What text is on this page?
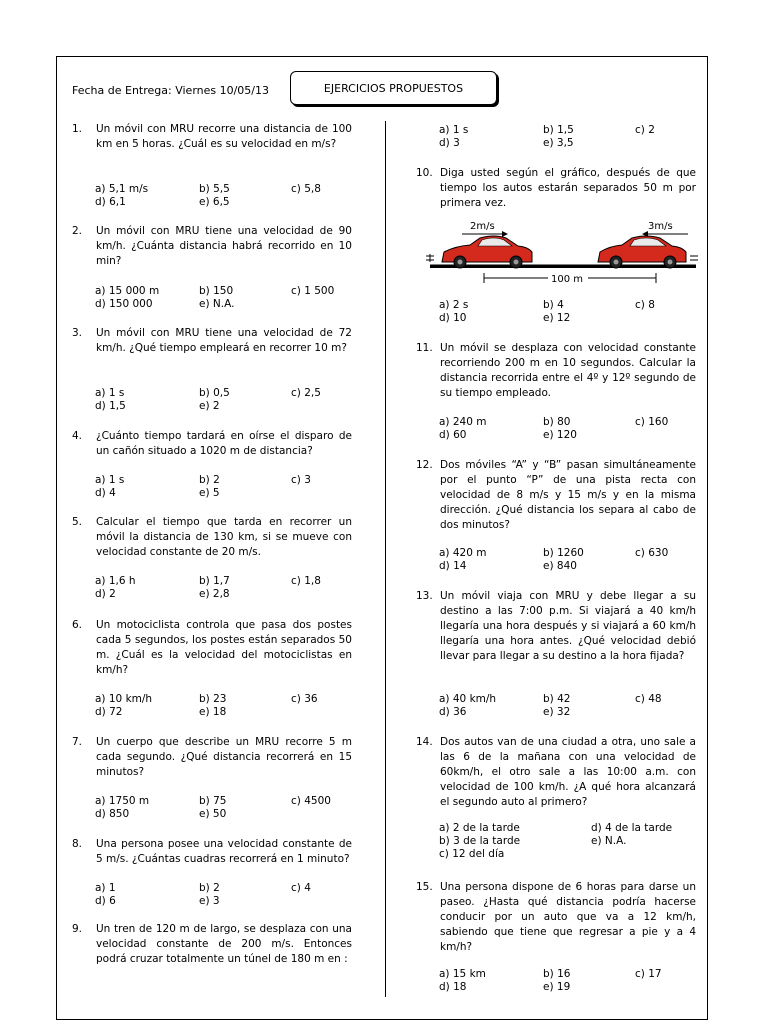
Fecha de Entrega: Viernes 10/05/13	EJERCICIOS PROPUESTOS
1. Un móvil con MRU recorre una distancia de 100 km en 5 horas. ¿Cuál es su velocidad en m/s?
a) 5,1 m/s	b) 5,5	c) 5,8
d) 6,1	e) 6,5
2. Un móvil con MRU tiene una velocidad de 90 km/h. ¿Cuánta distancia habrá recorrido en 10 min?
a) 15 000 m	b) 150	c) 1 500
d) 150 000	e) N.A.
3. Un móvil con MRU tiene una velocidad de 72 km/h. ¿Qué tiempo empleará en recorrer 10 m?
a) 1 s	b) 0,5	c) 2,5
d) 1,5	e) 2
4. ¿Cuánto tiempo tardará en oírse el disparo de un cañón situado a 1020 m de distancia?
a) 1 s	b) 2	c) 3
d) 4	e) 5
5. Calcular el tiempo que tarda en recorrer un móvil la distancia de 130 km, si se mueve con velocidad constante de 20 m/s.
a) 1,6 h	b) 1,7	c) 1,8
d) 2	e) 2,8
6. Un motociclista controla que pasa dos postes cada 5 segundos, los postes están separados 50 m. ¿Cuál es la velocidad del motociclistas en km/h?
a) 10 km/h	b) 23	c) 36
d) 72	e) 18
7. Un cuerpo que describe un MRU recorre 5 m cada segundo. ¿Qué distancia recorrerá en 15 minutos?
a) 1750 m	b) 75	c) 4500
d) 850	e) 50
8. Una persona posee una velocidad constante de 5 m/s. ¿Cuántas cuadras recorrerá en 1 minuto?
a) 1	b) 2	c) 4
d) 6	e) 3
9. Un tren de 120 m de largo, se desplaza con una velocidad constante de 200 m/s. Entonces podrá cruzar totalmente un túnel de 180 m en :
a) 1 s	b) 1,5	c) 2
d) 3	e) 3,5
10. Diga usted según el gráfico, después de que tiempo los autos estarán separados 50 m por primera vez.
2m/s	3m/s
100 m
a) 2 s	b) 4	c) 8
d) 10	e) 12
11. Un móvil se desplaza con velocidad constante recorriendo 200 m en 10 segundos. Calcular la distancia recorrida entre el 4º y 12º segundo de su tiempo empleado.
a) 240 m	b) 80	c) 160
d) 60	e) 120
12. Dos móviles “A” y “B” pasan simultáneamente por el punto “P” de una pista recta con velocidad de 8 m/s y 15 m/s y en la misma dirección. ¿Qué distancia los separa al cabo de dos minutos?
a) 420 m	b) 1260	c) 630
d) 14	e) 840
13. Un móvil viaja con MRU y debe llegar a su destino a las 7:00 p.m. Si viajará a 40 km/h llegaría una hora después y si viajará a 60 km/h llegaría una hora antes. ¿Qué velocidad debió llevar para llegar a su destino a la hora fijada?
a) 40 km/h	b) 42	c) 48
d) 36	e) 32
14. Dos autos van de una ciudad a otra, uno sale a las 6 de la mañana con una velocidad de 60km/h, el otro sale a las 10:00 a.m. con velocidad de 100 km/h. ¿A qué hora alcanzará el segundo auto al primero?
a) 2 de la tarde	d) 4 de la tarde
b) 3 de la tarde	e) N.A.
c) 12 del día
15. Una persona dispone de 6 horas para darse un paseo. ¿Hasta qué distancia podría hacerse conducir por un auto que va a 12 km/h, sabiendo que tiene que regresar a pie y a 4 km/h?
a) 15 km	b) 16	c) 17
d) 18	e) 19
